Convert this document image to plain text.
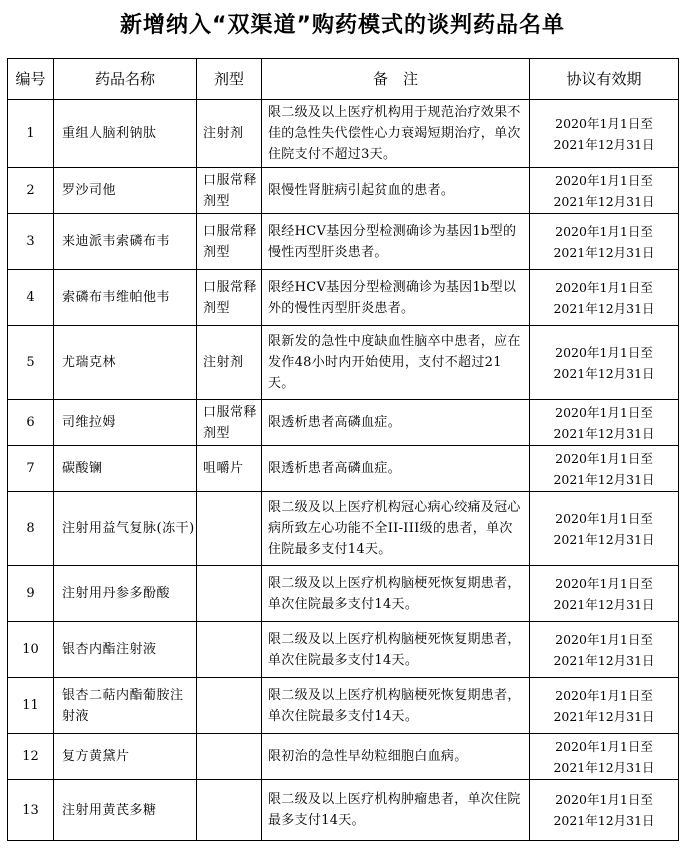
新增纳入“双渠道”购药模式的谈判药品名单
编号	药品名称	剂型	备　注	协议有效期
1	重组人脑利钠肽	注射剂	限二级及以上医疗机构用于规范治疗效果不佳的急性失代偿性心力衰竭短期治疗，单次住院支付不超过3天。	2020年1月1日至
2021年12月31日

2	罗沙司他	口服常释剂型	限慢性肾脏病引起贫血的患者。	2020年1月1日至
2021年12月31日

3	来迪派韦索磷布韦	口服常释剂型	限经HCV基因分型检测确诊为基因1b型的慢性丙型肝炎患者。	2020年1月1日至
2021年12月31日

4	索磷布韦维帕他韦	口服常释剂型	限经HCV基因分型检测确诊为基因1b型以外的慢性丙型肝炎患者。	2020年1月1日至
2021年12月31日

5	尤瑞克林	注射剂	限新发的急性中度缺血性脑卒中患者，应在发作48小时内开始使用，支付不超过21天。	2020年1月1日至
2021年12月31日

6	司维拉姆	口服常释剂型	限透析患者高磷血症。	2020年1月1日至
2021年12月31日

7	碳酸镧	咀嚼片	限透析患者高磷血症。	2020年1月1日至
2021年12月31日

8	注射用益气复脉(冻干)		限二级及以上医疗机构冠心病心绞痛及冠心病所致左心功能不全II-III级的患者，单次住院最多支付14天。	2020年1月1日至
2021年12月31日

9	注射用丹参多酚酸		限二级及以上医疗机构脑梗死恢复期患者，单次住院最多支付14天。	2020年1月1日至
2021年12月31日

10	银杏内酯注射液		限二级及以上医疗机构脑梗死恢复期患者，单次住院最多支付14天。	2020年1月1日至
2021年12月31日

11	银杏二萜内酯葡胺注射液		限二级及以上医疗机构脑梗死恢复期患者，单次住院最多支付14天。	2020年1月1日至
2021年12月31日

12	复方黄黛片		限初治的急性早幼粒细胞白血病。	2020年1月1日至
2021年12月31日

13	注射用黄芪多糖		限二级及以上医疗机构肿瘤患者，单次住院最多支付14天。	2020年1月1日至
2021年12月31日
